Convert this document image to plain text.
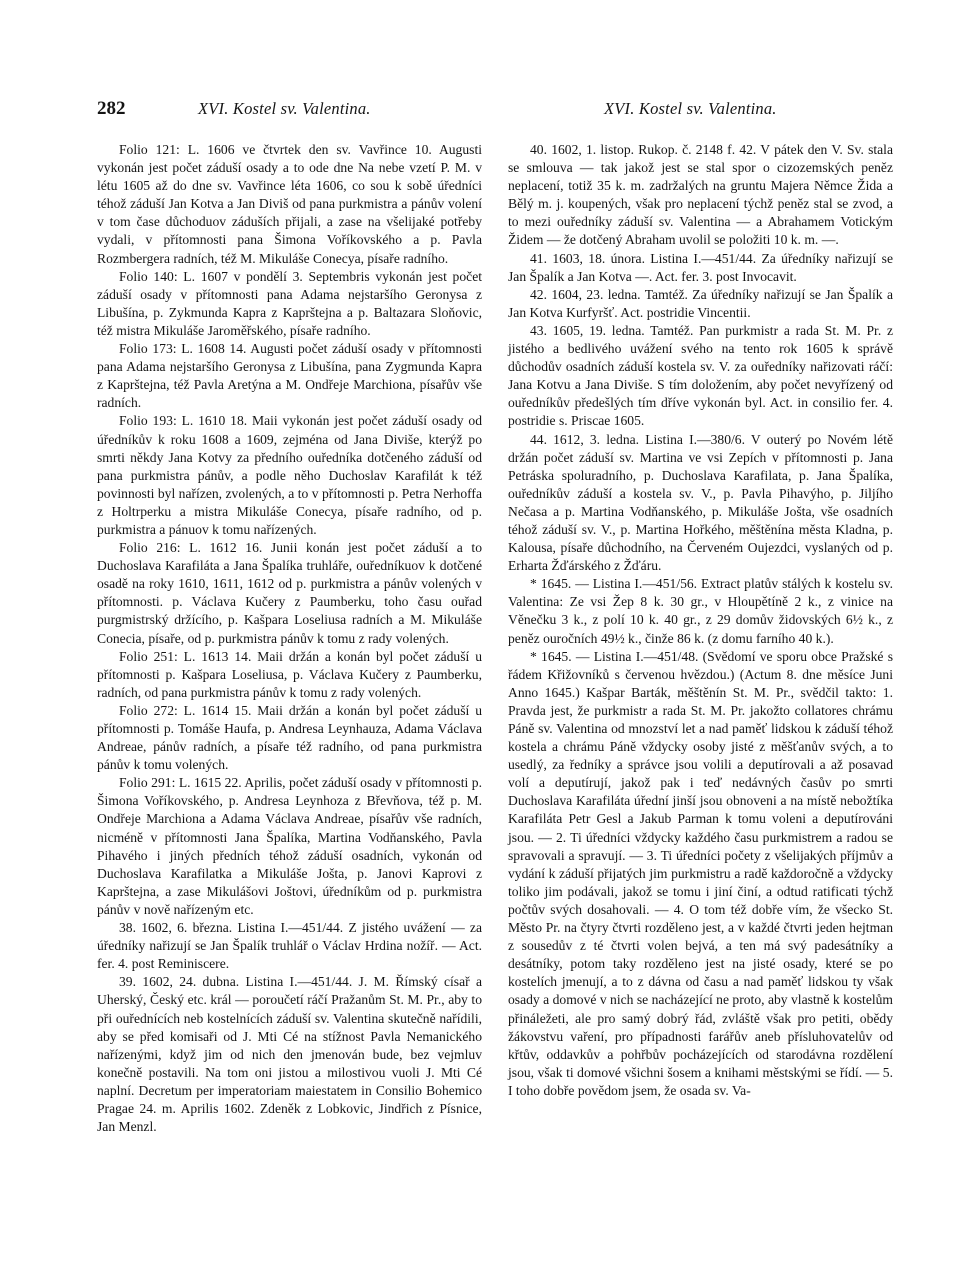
282	XVI. Kostel sv. Valentina.	XVI. Kostel sv. Valentina.

Folio 121: L. 1606 ve čtvrtek den sv. Vavřince 10. Augusti vykonán jest počet záduší osady a to ode dne Na nebe vzetí P. M. v létu 1605 až do dne sv. Vavřince léta 1606, co sou k sobě úředníci téhož záduší Jan Kotva a Jan Diviš od pana purkmistra a pánův volení v tom čase důchoduov záduších přijali, a zase na všelijaké potřeby vydali, v přítomnosti pana Šimona Voříkovského a p. Pavla Rozmbergera radních, též M. Mikuláše Conecya, písaře radního.

Folio 140: L. 1607 v pondělí 3. Septembris vykonán jest počet záduší osady v přítomnosti pana Adama nejstaršího Geronysa z Libušína, p. Zykmunda Kapra z Kaprštejna a p. Baltazara Sloňovic, též mistra Mikuláše Jaroměřského, písaře radního.

Folio 173: L. 1608 14. Augusti počet záduší osady v přítomnosti pana Adama nejstaršího Geronysa z Libušína, pana Zygmunda Kapra z Kaprštejna, též Pavla Aretýna a M. Ondřeje Marchiona, písařův vše radních.

Folio 193: L. 1610 18. Maii vykonán jest počet záduší osady od úředníkův k roku 1608 a 1609, zejména od Jana Diviše, kterýž po smrti někdy Jana Kotvy za předního ouředníka dotčeného záduší od pana purkmistra pánův, a podle něho Duchoslav Karafilát k též povinnosti byl nařízen, zvolených, a to v přítomnosti p. Petra Nerhoffa z Holtrperku a mistra Mikuláše Conecya, písaře radního, od p. purkmistra a pánuov k tomu nařízených.

Folio 216: L. 1612 16. Junii konán jest počet záduší a to Duchoslava Karafiláta a Jana Špalíka truhláře, ouředníkuov k dotčené osadě na roky 1610, 1611, 1612 od p. purkmistra a pánův volených v přítomnosti. p. Václava Kučery z Paumberku, toho času ouřad purgmistrský držícího, p. Kašpara Loseliusa radních a M. Mikuláše Conecia, písaře, od p. purkmistra pánův k tomu z rady volených.

Folio 251: L. 1613 14. Maii držán a konán byl počet záduší u přítomnosti p. Kašpara Loseliusa, p. Václava Kučery z Paumberku, radních, od pana purkmistra pánův k tomu z rady volených.

Folio 272: L. 1614 15. Maii držán a konán byl počet záduší u přítomnosti p. Tomáše Haufa, p. Andresa Leynhauza, Adama Václava Andreae, pánův radních, a písaře též radního, od pana purkmistra pánův k tomu volených.

Folio 291: L. 1615 22. Aprilis, počet záduší osady v přítomnosti p. Šimona Voříkovského, p. Andresa Leynhoza z Břevňova, též p. M. Ondřeje Marchiona a Adama Václava Andreae, písařův vše radních, nicméně v přítomnosti Jana Špalíka, Martina Vodňanského, Pavla Pihavého i jiných předních téhož záduší osadních, vykonán od Duchoslava Karafilatka a Mikuláše Jošta, p. Janovi Kaprovi z Kaprštejna, a zase Mikulášovi Joštovi, úředníkům od p. purkmistra pánův v nově nařízeným etc.

38. 1602, 6. března. Listina I.—451/44. Z jistého uvážení — za úředníky nařizují se Jan Špalík truhlář o Václav Hrdina nožíř. — Act. fer. 4. post Reminiscere.

39. 1602, 24. dubna. Listina I.—451/44. J. M. Římský císař a Uherský, Český etc. král — poroučetí ráčí Pražanům St. M. Pr., aby to při ouřednících neb kostelnících záduší sv. Valentina skutečně nařídili, aby se před komisaři od J. Mti Cé na stížnost Pavla Nemanického nařízenými, když jim od nich den jmenován bude, bez vejmluv konečně postavili. Na tom oni jistou a milostivou vuoli J. Mti Cé naplní. Decretum per imperatoriam maiestatem in Consilio Bohemico Pragae 24. m. Aprilis 1602. Zdeněk z Lobkovic, Jindřich z Písnice, Jan Menzl.

40. 1602, 1. listop. Rukop. č. 2148 f. 42. V pátek den V. Sv. stala se smlouva — tak jakož jest se stal spor o cizozemských peněz neplacení, totiž 35 k. m. zadržalých na gruntu Majera Němce Žida a Bělý m. j. koupených, však pro neplacení týchž peněz stal se zvod, a to mezi ouředníky záduší sv. Valentina — a Abrahamem Votickým Židem — že dotčený Abraham uvolil se položiti 10 k. m. —.

41. 1603, 18. února. Listina I.—451/44. Za úředníky nařizují se Jan Špalík a Jan Kotva —. Act. fer. 3. post Invocavit.

42. 1604, 23. ledna. Tamtéž. Za úředníky nařizují se Jan Špalík a Jan Kotva Kurfyršť. Act. postridie Vincentii.

43. 1605, 19. ledna. Tamtéž. Pan purkmistr a rada St. M. Pr. z jistého a bedlivého uvážení svého na tento rok 1605 k správě důchodův osadních záduší kostela sv. V. za ouředníky nařizovati ráčí: Jana Kotvu a Jana Diviše. S tím doložením, aby počet nevyřízený od ouředníkův předešlých tím dříve vykonán byl. Act. in consilio fer. 4. postridie s. Priscae 1605.

44. 1612, 3. ledna. Listina I.—380/6. V outerý po Novém létě držán počet záduší sv. Martina ve vsi Zepích v přítomnosti p. Jana Petráska spoluradního, p. Duchoslava Karafilata, p. Jana Špalíka, ouředníkův záduší a kostela sv. V., p. Pavla Pihavýho, p. Jiljího Nečasa a p. Martina Vodňanského, p. Mikuláše Jošta, vše osadních téhož záduší sv. V., p. Martina Hořkého, měštěnína města Kladna, p. Kalousa, písaře důchodního, na Červeném Oujezdci, vyslaných od p. Erharta Žďárského z Žďáru.

* 1645. — Listina I.—451/56. Extract platův stálých k kostelu sv. Valentina: Ze vsi Žep 8 k. 30 gr., v Hloupětíně 2 k., z vinice na Věnečku 3 k., z polí 10 k. 40 gr., z 29 domův židovských 6½ k., z peněz ouročních 49½ k., činže 86 k. (z domu farního 40 k.).

* 1645. — Listina I.—451/48. (Svědomí ve sporu obce Pražské s řádem Křižovníků s červenou hvězdou.) (Actum 8. dne měsíce Juni Anno 1645.) Kašpar Barták, měštěnín St. M. Pr., svědčil takto: 1. Pravda jest, že purkmistr a rada St. M. Pr. jakožto collatores chrámu Páně sv. Valentina od mnozství let a nad paměť lidskou k záduší téhož kostela a chrámu Páně vždycky osoby jisté z měšťanův svých, a to usedlý, za ředníky a správce jsou volili a deputírovali a až posavad volí a deputírují, jakož pak i teď nedávných časův po smrti Duchoslava Karafiláta úřední jinší jsou obnoveni a na místě nebožtíka Karafiláta Petr Gesl a Jakub Parman k tomu voleni a deputírováni jsou. — 2. Ti úředníci vždycky každého času purkmistrem a radou se spravovali a spravují. — 3. Ti úředníci počety z všelijakých příjmův a vydání k záduší přijatých jim purkmistru a radě každoročně a vždycky toliko jim podávali, jakož se tomu i jiní činí, a odtud ratificati týchž počtův svých dosahovali. — 4. O tom též dobře vím, že všecko St. Město Pr. na čtyry čtvrti rozděleno jest, a v každé čtvrti jeden hejtman z sousedův z té čtvrti volen bejvá, a ten má svý padesátníky a desátníky, potom taky rozděleno jest na jisté osady, které se po kostelích jmenují, a to z dávna od času a nad paměť lidskou ty však osady a domové v nich se nacházející ne proto, aby vlastně k kostelům přináležeti, ale pro samý dobrý řád, zvláště však pro petiti, obědy žákovstvu vaření, pro případnosti farářův aneb přísluhovatelův od křtův, oddavkův a pohřbův pocházejících od starodávna rozdělení jsou, však ti domové všichni šosem a knihami městskými se řídí. — 5. I toho dobře povědom jsem, že osada sv. Va-
